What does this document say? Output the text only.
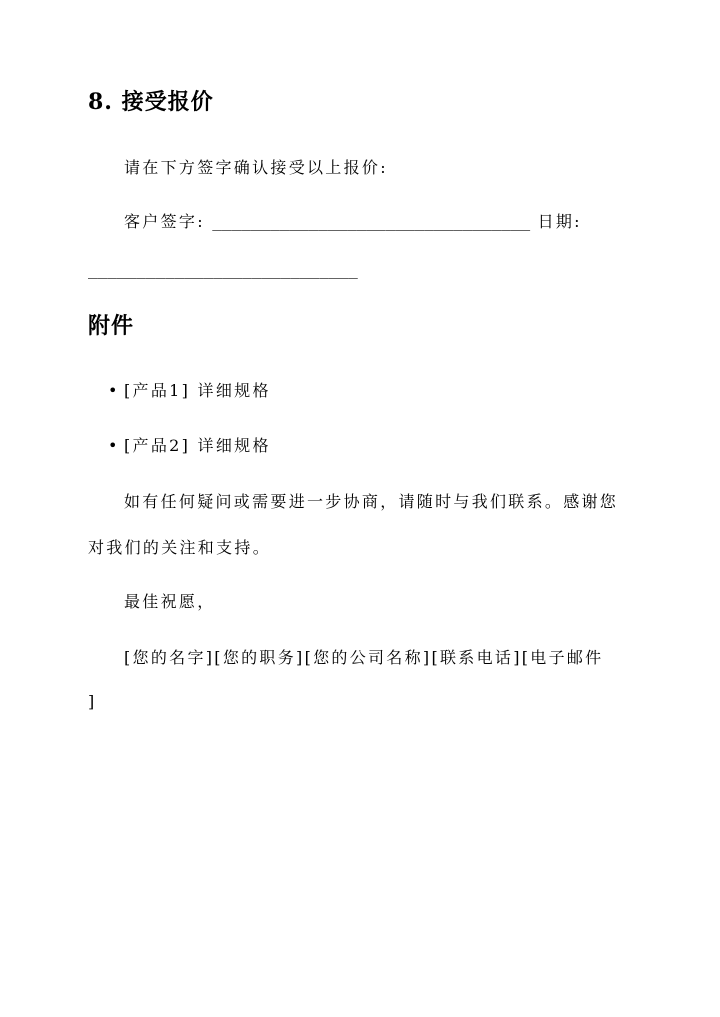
8. 接受报价

请在下方签字确认接受以上报价:

客户签字: _________________________________ 日期:

____________________________

附件
• [产品1] 详细规格
• [产品2] 详细规格

如有任何疑问或需要进一步协商，请随时与我们联系。感谢您

对我们的关注和支持。

最佳祝愿，

[您的名字][您的职务][您的公司名称][联系电话][电子邮件

]
